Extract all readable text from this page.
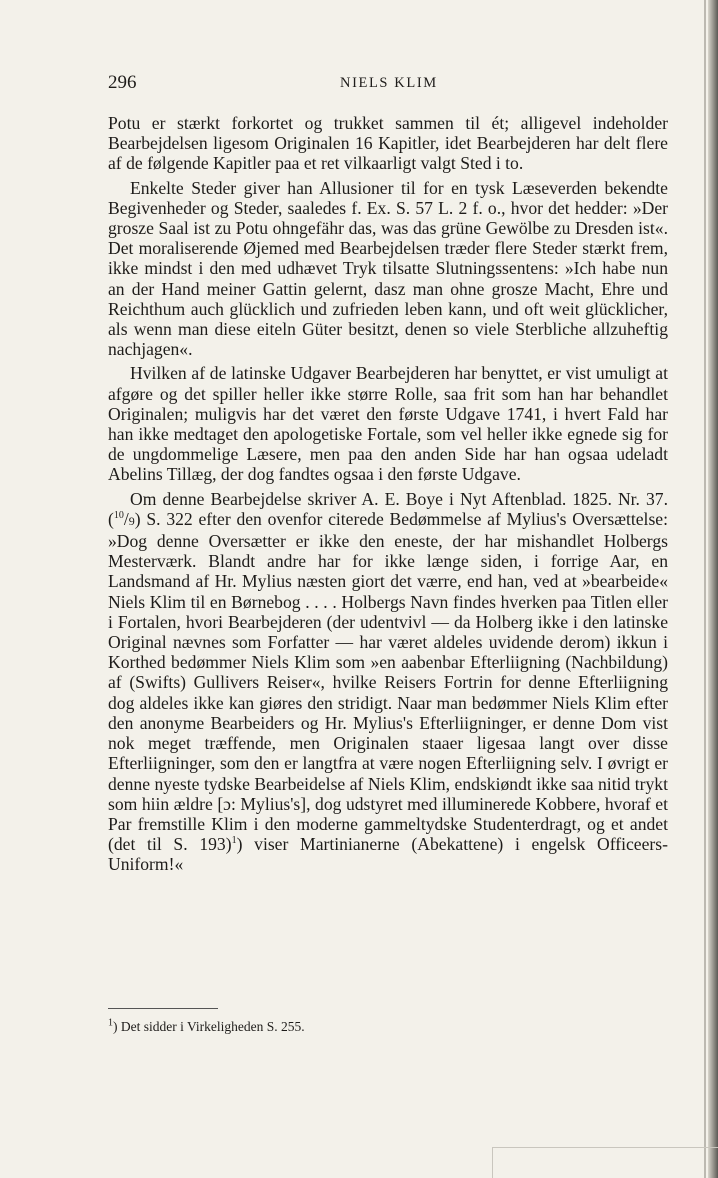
296	NIELS KLIM

Potu er stærkt forkortet og trukket sammen til ét; alligevel indeholder Bearbejdelsen ligesom Originalen 16 Kapitler, idet Bearbejderen har delt flere af de følgende Kapitler paa et ret vilkaarligt valgt Sted i to.

Enkelte Steder giver han Allusioner til for en tysk Læseverden bekendte Begivenheder og Steder, saaledes f. Ex. S. 57 L. 2 f. o., hvor det hedder: »Der grosze Saal ist zu Potu ohngefähr das, was das grüne Gewölbe zu Dresden ist«. Det moraliserende Øjemed med Bearbejdelsen træder flere Steder stærkt frem, ikke mindst i den med udhævet Tryk tilsatte Slutningssentens: »Ich habe nun an der Hand meiner Gattin gelernt, dasz man ohne grosze Macht, Ehre und Reichthum auch glücklich und zufrieden leben kann, und oft weit glücklicher, als wenn man diese eiteln Güter besitzt, denen so viele Sterbliche allzuheftig nachjagen«.

Hvilken af de latinske Udgaver Bearbejderen har benyttet, er vist umuligt at afgøre og det spiller heller ikke større Rolle, saa frit som han har behandlet Originalen; muligvis har det været den første Udgave 1741, i hvert Fald har han ikke medtaget den apologetiske Fortale, som vel heller ikke egnede sig for de ungdommelige Læsere, men paa den anden Side har han ogsaa udeladt Abelins Tillæg, der dog fandtes ogsaa i den første Udgave.

Om denne Bearbejdelse skriver A. E. Boye i Nyt Aftenblad. 1825. Nr. 37. ($^{10}$/9) S. 322 efter den ovenfor citerede Bedømmelse af Mylius's Oversættelse: »Dog denne Oversætter er ikke den eneste, der har mishandlet Holbergs Mesterværk. Blandt andre har for ikke længe siden, i forrige Aar, en Landsmand af Hr. Mylius næsten giort det værre, end han, ved at »bearbeide« Niels Klim til en Børnebog . . . . Holbergs Navn findes hverken paa Titlen eller i Fortalen, hvori Bearbejderen (der udentvivl — da Holberg ikke i den latinske Original nævnes som Forfatter — har været aldeles uvidende derom) ikkun i Korthed bedømmer Niels Klim som »en aabenbar Efterliigning (Nachbildung) af (Swifts) Gullivers Reiser«, hvilke Reisers Fortrin for denne Efterliigning dog aldeles ikke kan giøres den stridigt. Naar man bedømmer Niels Klim efter den anonyme Bearbeiders og Hr. Mylius's Efterliigninger, er denne Dom vist nok meget træffende, men Originalen staaer ligesaa langt over disse Efterliigninger, som den er langtfra at være nogen Efterliigning selv. I øvrigt er denne nyeste tydske Bearbeidelse af Niels Klim, endskiøndt ikke saa nitid trykt som hiin ældre [ɔ: Mylius's], dog udstyret med illuminerede Kobbere, hvoraf et Par fremstille Klim i den moderne gammeltydske Studenterdragt, og et andet (det til S. 193)$^1$) viser Martinianerne (Abekattene) i engelsk Officeers-Uniform!«

$^1$) Det sidder i Virkeligheden S. 255.
